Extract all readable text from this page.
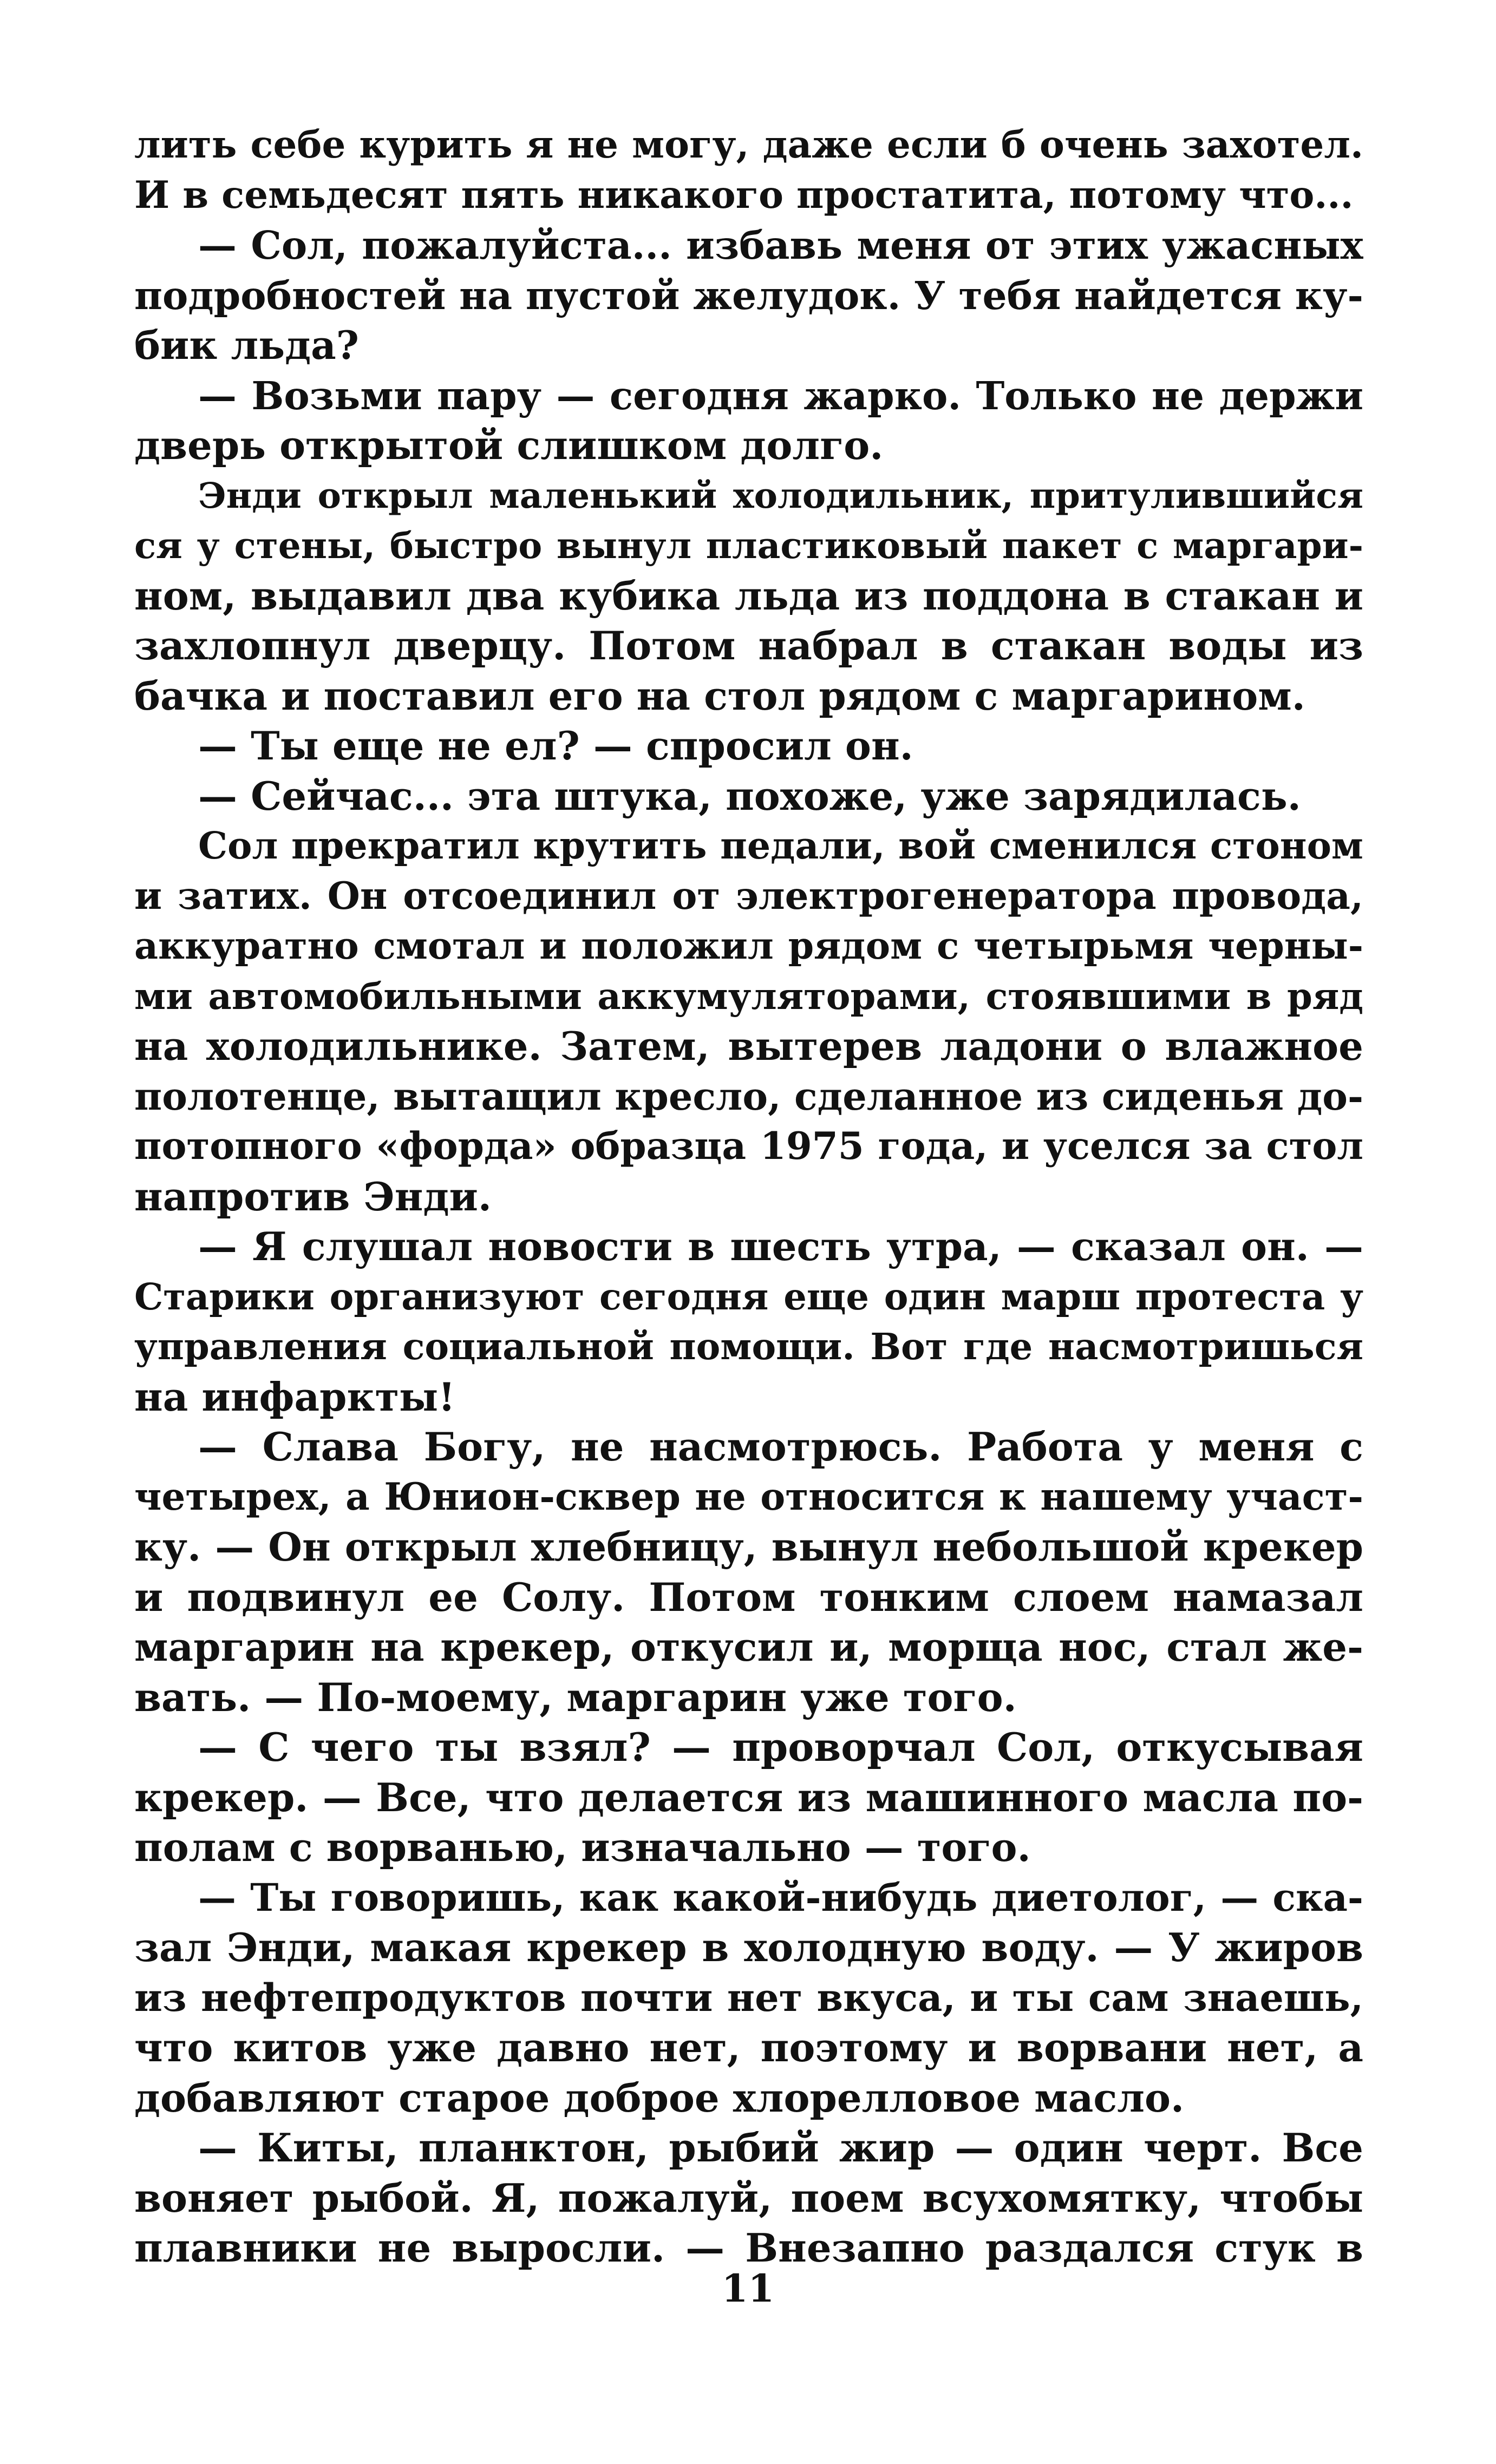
лить себе курить я не могу, даже если б очень захотел.
И в семьдесят пять никакого простатита, потому что...
— Сол, пожалуйста... избавь меня от этих ужасных
подробностей на пустой желудок. У тебя найдется ку-
бик льда?
— Возьми пару — сегодня жарко. Только не держи
дверь открытой слишком долго.
Энди открыл маленький холодильник, притулившийся
ся у стены, быстро вынул пластиковый пакет с маргари-
ном, выдавил два кубика льда из поддона в стакан и
захлопнул дверцу. Потом набрал в стакан воды из
бачка и поставил его на стол рядом с маргарином.
— Ты еще не ел? — спросил он.
— Сейчас... эта штука, похоже, уже зарядилась.
Сол прекратил крутить педали, вой сменился стоном
и затих. Он отсоединил от электрогенератора провода,
аккуратно смотал и положил рядом с четырьмя черны-
ми автомобильными аккумуляторами, стоявшими в ряд
на холодильнике. Затем, вытерев ладони о влажное
полотенце, вытащил кресло, сделанное из сиденья до-
потопного «форда» образца 1975 года, и уселся за стол
напротив Энди.
— Я слушал новости в шесть утра, — сказал он. —
Старики организуют сегодня еще один марш протеста у
управления социальной помощи. Вот где насмотришься
на инфаркты!
— Слава Богу, не насмотрюсь. Работа у меня с
четырех, а Юнион-сквер не относится к нашему участ-
ку. — Он открыл хлебницу, вынул небольшой крекер
и подвинул ее Солу. Потом тонким слоем намазал
маргарин на крекер, откусил и, морща нос, стал же-
вать. — По-моему, маргарин уже того.
— С чего ты взял? — проворчал Сол, откусывая
крекер. — Все, что делается из машинного масла по-
полам с ворванью, изначально — того.
— Ты говоришь, как какой-нибудь диетолог, — ска-
зал Энди, макая крекер в холодную воду. — У жиров
из нефтепродуктов почти нет вкуса, и ты сам знаешь,
что китов уже давно нет, поэтому и ворвани нет, а
добавляют старое доброе хлорелловое масло.
— Киты, планктон, рыбий жир — один черт. Все
воняет рыбой. Я, пожалуй, поем всухомятку, чтобы
плавники не выросли. — Внезапно раздался стук в
11
